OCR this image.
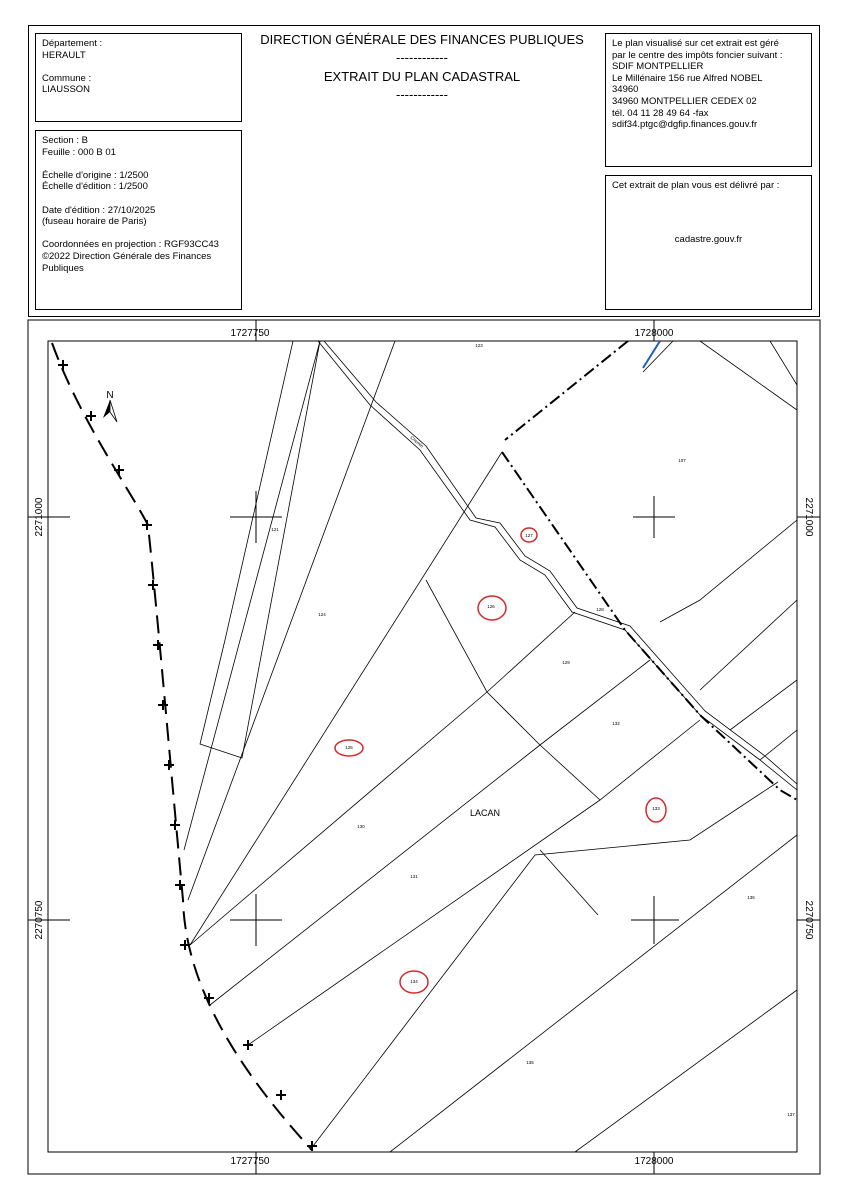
DIRECTION GÉNÉRALE DES FINANCES PUBLIQUES
------------
EXTRAIT DU PLAN CADASTRAL
------------
Département :
HERAULT
Commune :
LIAUSSON
Section : B
Feuille : 000 B 01
Échelle d'origine : 1/2500
Échelle d'édition : 1/2500
Date d'édition : 27/10/2025
(fuseau horaire de Paris)
Coordonnées en projection : RGF93CC43
©2022 Direction Générale des Finances
Publiques
Le plan visualisé sur cet extrait est géré
par le centre des impôts foncier suivant :
SDIF MONTPELLIER
Le Millénaire 156 rue Alfred NOBEL
34960
34960 MONTPELLIER CEDEX 02
tél. 04 11 28 49 64 -fax
sdif34.ptgc@dgfip.finances.gouv.fr
Cet extrait de plan vous est délivré par :
cadastre.gouv.fr
N
1727750	1728000
1727750	1728000
2271000
2270750
2271000
2270750
LACAN
Chemin
123
107
121
127
124
126
128
129
125
132
133
130
131
136
134
135
137
